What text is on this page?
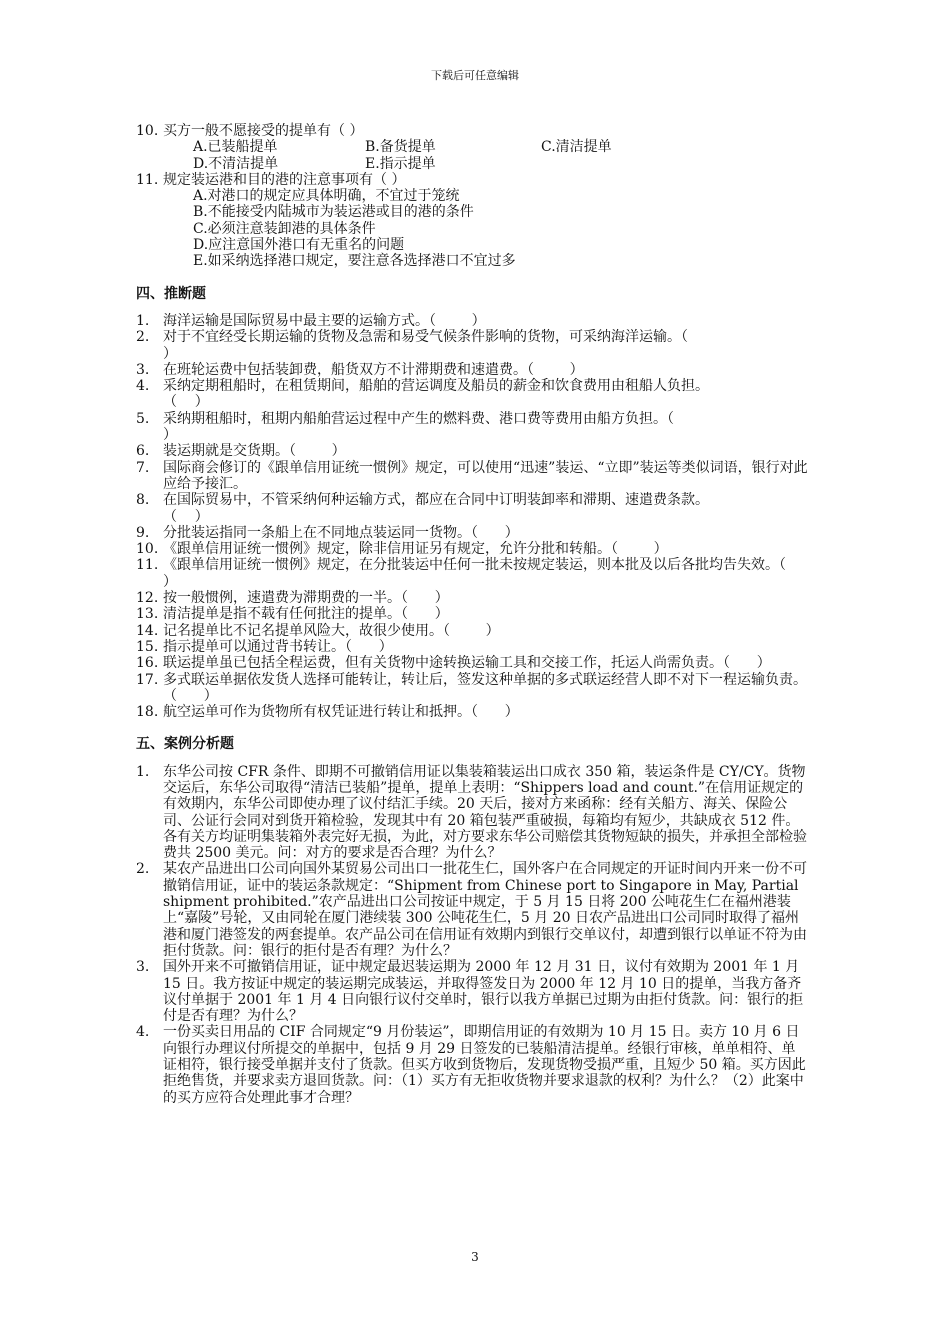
下载后可任意编辑
10. 买方一般不愿接受的提单有（ ）
A.已装船提单	B.备货提单	C.清洁提单
D.不清洁提单	E.指示提单
11. 规定装运港和目的港的注意事项有（ ）
A.对港口的规定应具体明确，不宜过于笼统
B.不能接受内陆城市为装运港或目的港的条件
C.必须注意装卸港的具体条件
D.应注意国外港口有无重名的问题
E.如采纳选择港口规定，要注意各选择港口不宜过多
四、推断题
1. 海洋运输是国际贸易中最主要的运输方式。（        ）
2. 对于不宜经受长期运输的货物及急需和易受气候条件影响的货物，可采纳海洋运输。（
）
3. 在班轮运费中包括装卸费，船货双方不计滞期费和速遣费。（        ）
4. 采纳定期租船时，在租赁期间，船舶的营运调度及船员的薪金和饮食费用由租船人负担。
（    ）
5. 采纳期租船时，租期内船舶营运过程中产生的燃料费、港口费等费用由船方负担。（
）
6. 装运期就是交货期。（        ）
7. 国际商会修订的《跟单信用证统一惯例》规定，可以使用“迅速”装运、“立即”装运等类似词语，银行对此应给予接汇。
8. 在国际贸易中，不管采纳何种运输方式，都应在合同中订明装卸率和滞期、速遣费条款。
（    ）
9. 分批装运指同一条船上在不同地点装运同一货物。（      ）
10. 《跟单信用证统一惯例》规定，除非信用证另有规定，允许分批和转船。（        ）
11. 《跟单信用证统一惯例》规定，在分批装运中任何一批未按规定装运，则本批及以后各批均告失效。（      ）
12. 按一般惯例，速遣费为滞期费的一半。（      ）
13. 清洁提单是指不载有任何批注的提单。（      ）
14. 记名提单比不记名提单风险大，故很少使用。（        ）
15. 指示提单可以通过背书转让。（      ）
16. 联运提单虽已包括全程运费，但有关货物中途转换运输工具和交接工作，托运人尚需负责。（      ）
17. 多式联运单据依发货人选择可能转让，转让后，签发这种单据的多式联运经营人即不对下一程运输负责。（      ）
18. 航空运单可作为货物所有权凭证进行转让和抵押。（      ）
五、案例分析题
1. 东华公司按 CFR 条件、即期不可撤销信用证以集装箱装运出口成衣 350 箱，装运条件是 CY/CY。货物交运后，东华公司取得“清洁已装船”提单，提单上表明：“Shippers load and count.”在信用证规定的有效期内，东华公司即使办理了议付结汇手续。20 天后，接对方来函称：经有关船方、海关、保险公司、公证行会同对到货开箱检验，发现其中有 20 箱包装严重破损，每箱均有短少，共缺成衣 512 件。各有关方均证明集装箱外表完好无损，为此，对方要求东华公司赔偿其货物短缺的损失，并承担全部检验费共 2500 美元。问：对方的要求是否合理？为什么？
2. 某农产品进出口公司向国外某贸易公司出口一批花生仁，国外客户在合同规定的开证时间内开来一份不可撤销信用证，证中的装运条款规定：“Shipment from Chinese port to Singapore in May, Partial shipment prohibited.”农产品进出口公司按证中规定，于 5 月 15 日将 200 公吨花生仁在福州港装上“嘉陵”号轮，又由同轮在厦门港续装 300 公吨花生仁，5 月 20 日农产品进出口公司同时取得了福州港和厦门港签发的两套提单。农产品公司在信用证有效期内到银行交单议付，却遭到银行以单证不符为由拒付货款。问：银行的拒付是否有理？为什么？
3. 国外开来不可撤销信用证，证中规定最迟装运期为 2000 年 12 月 31 日，议付有效期为 2001 年 1 月 15 日。我方按证中规定的装运期完成装运，并取得签发日为 2000 年 12 月 10 日的提单，当我方备齐议付单据于 2001 年 1 月 4 日向银行议付交单时，银行以我方单据已过期为由拒付货款。问：银行的拒付是否有理？为什么？
4. 一份买卖日用品的 CIF 合同规定“9 月份装运”，即期信用证的有效期为 10 月 15 日。卖方 10 月 6 日向银行办理议付所提交的单据中，包括 9 月 29 日签发的已装船清洁提单。经银行审核，单单相符、单证相符，银行接受单据并支付了货款。但买方收到货物后，发现货物受损严重，且短少 50 箱。买方因此拒绝售货，并要求卖方退回货款。问：（1）买方有无拒收货物并要求退款的权利？为什么？（2）此案中的买方应符合处理此事才合理？
3
